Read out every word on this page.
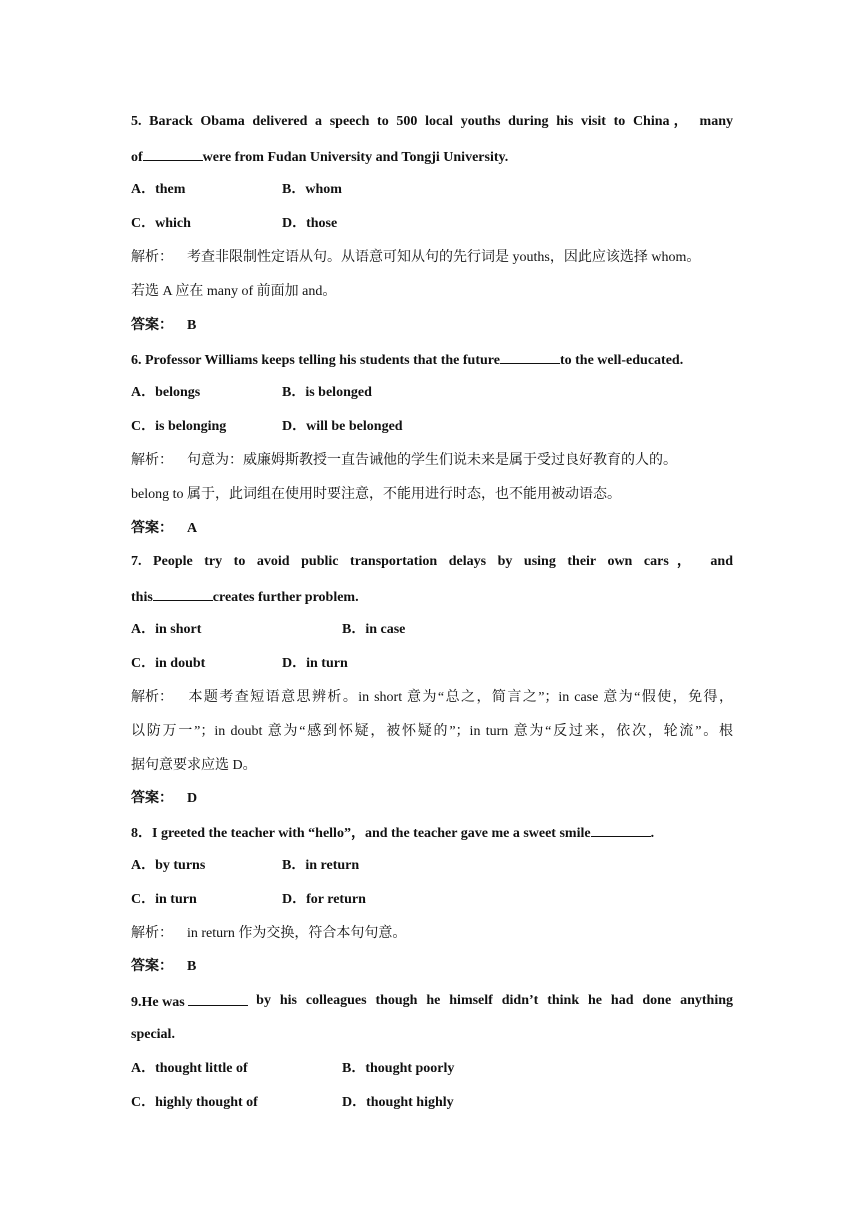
5. Barack Obama delivered a speech to 500 local youths during his visit to China， many
of	were from Fudan University and Tongji University.
A．them	B．whom
C．which	D．those
解析： 考查非限制性定语从句。从语意可知从句的先行词是 youths，因此应该选择 whom。
若选 A 应在 many of 前面加 and。
答案： B
6. Professor Williams keeps telling his students that the future	to the well-educated.
A．belongs	B．is belonged
C．is belonging	D．will be belonged
解析： 句意为：威廉姆斯教授一直告诫他的学生们说未来是属于受过良好教育的人的。
belong to 属于，此词组在使用时要注意，不能用进行时态，也不能用被动语态。
答案： A
7. People try to avoid public transportation delays by using their own cars， and
this	creates further problem.
A．in short	B．in case
C．in doubt	D．in turn
解析： 本题考查短语意思辨析。in short 意为“总之，简言之”；in case 意为“假使，免得，
以防万一”；in doubt 意为“感到怀疑，被怀疑的”；in turn 意为“反过来，依次，轮流”。根
据句意要求应选 D。
答案： D
8．I greeted the teacher with “hello”，and the teacher gave me a sweet smile	.
A．by turns	B．in return
C．in turn	D．for return
解析： in return 作为交换，符合本句句意。
答案： B
9.He was	by his colleagues though he himself didn’t think he had done anything
special.
A．thought little of	B．thought poorly
C．highly thought of	D．thought highly
